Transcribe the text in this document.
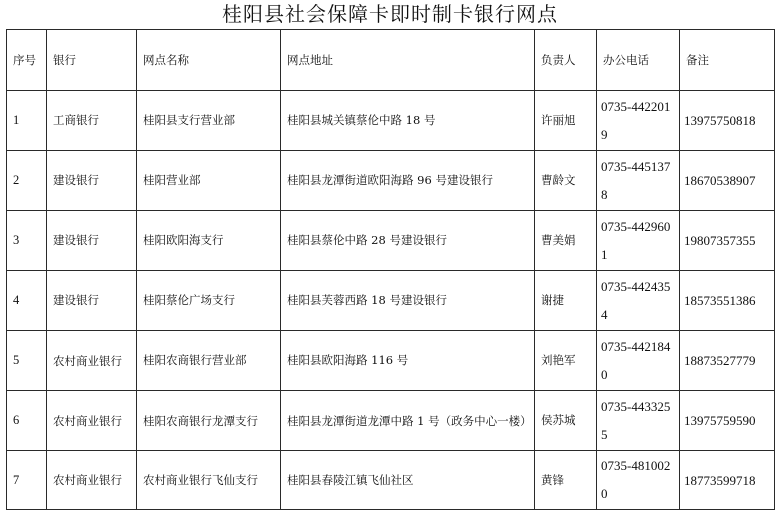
桂阳县社会保障卡即时制卡银行网点
序号	银行	网点名称	网点地址	负责人	办公电话	备注
1	工商银行	桂阳县支行营业部	桂阳县城关镇蔡伦中路 18 号	许丽旭	0735-4422019	13975750818
2	建设银行	桂阳营业部	桂阳县龙潭街道欧阳海路 96 号建设银行	曹龄文	0735-4451378	18670538907
3	建设银行	桂阳欧阳海支行	桂阳县蔡伦中路 28 号建设银行	曹美娟	0735-4429601	19807357355
4	建设银行	桂阳蔡伦广场支行	桂阳县芙蓉西路 18 号建设银行	谢捷	0735-4424354	18573551386
5	农村商业银行	桂阳农商银行营业部	桂阳县欧阳海路 116 号	刘艳军	0735-4421840	18873527779
6	农村商业银行	桂阳农商银行龙潭支行	桂阳县龙潭街道龙潭中路 1 号（政务中心一楼）	侯苏城	0735-4433255	13975759590
7	农村商业银行	农村商业银行飞仙支行	桂阳县春陵江镇飞仙社区	黄锋	0735-4810020	18773599718
